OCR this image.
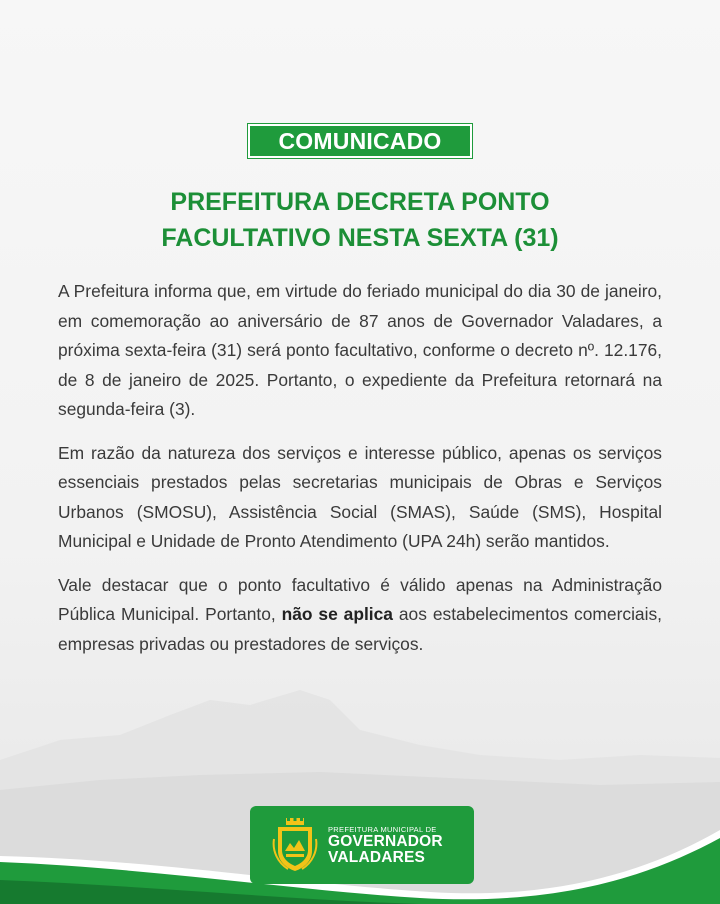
COMUNICADO
PREFEITURA DECRETA PONTO
FACULTATIVO NESTA SEXTA (31)

A Prefeitura informa que, em virtude do feriado municipal do dia 30 de janeiro, em comemoração ao aniversário de 87 anos de Governador Valadares, a próxima sexta-feira (31) será ponto facultativo, conforme o decreto nº. 12.176, de 8 de janeiro de 2025. Portanto, o expediente da Prefeitura retornará na segunda-feira (3).

Em razão da natureza dos serviços e interesse público, apenas os serviços essenciais prestados pelas secretarias municipais de Obras e Serviços Urbanos (SMOSU), Assistência Social (SMAS), Saúde (SMS), Hospital Municipal e Unidade de Pronto Atendimento (UPA 24h) serão mantidos.

Vale destacar que o ponto facultativo é válido apenas na Administração Pública Municipal. Portanto, não se aplica aos estabelecimentos comerciais, empresas privadas ou prestadores de serviços.

PREFEITURA MUNICIPAL DE
GOVERNADOR
VALADARES
